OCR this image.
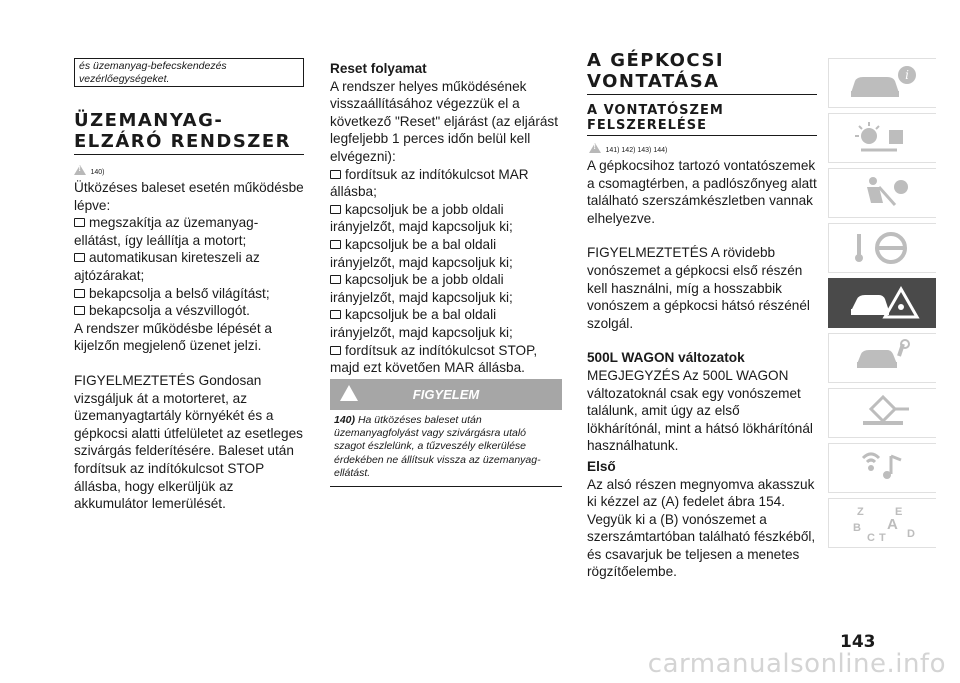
és üzemanyag-befecskendezés vezérlőegységeket.

ÜZEMANYAG-

ELZÁRÓ RENDSZER

! 140)

Ütközéses baleset esetén működésbe lépve:

megszakítja az üzemanyag-ellátást, így leállítja a motort;

automatikusan kireteszeli az ajtózárakat;

bekapcsolja a belső világítást;

bekapcsolja a vészvillogót.

A rendszer működésbe lépését a kijelzőn megjelenő üzenet jelzi.

FIGYELMEZTETÉS Gondosan vizsgáljuk át a motorteret, az üzemanyagtartály környékét és a gépkocsi alatti útfelületet az esetleges szivárgás felderítésére. Baleset után fordítsuk az indítókulcsot STOP állásba, hogy elkerüljük az akkumulátor lemerülését.

Reset folyamat

A rendszer helyes működésének visszaállításához végezzük el a következő "Reset" eljárást (az eljárást legfeljebb 1 perces időn belül kell elvégezni):

fordítsuk az indítókulcsot MAR állásba;

kapcsoljuk be a jobb oldali irányjelzőt, majd kapcsoljuk ki;

kapcsoljuk be a bal oldali irányjelzőt, majd kapcsoljuk ki;

kapcsoljuk be a jobb oldali irányjelzőt, majd kapcsoljuk ki;

kapcsoljuk be a bal oldali irányjelzőt, majd kapcsoljuk ki;

fordítsuk az indítókulcsot STOP, majd ezt követően MAR állásba.

FIGYELEM

140) Ha ütközéses baleset után üzemanyagfolyást vagy szivárgásra utaló szagot észlelünk, a tűzveszély elkerülése érdekében ne állítsuk vissza az üzemanyag-ellátást.

A GÉPKOCSI

VONTATÁSA

A VONTATÓSZEM

FELSZERELÉSE

! 141) 142) 143) 144)

A gépkocsihoz tartozó vontatószemek a csomagtérben, a padlószőnyeg alatt található szerszámkészletben vannak elhelyezve.

FIGYELMEZTETÉS A rövidebb vonószemet a gépkocsi első részén kell használni, míg a hosszabbik vonószem a gépkocsi hátsó részénél szolgál.

500L WAGON változatok

MEGJEGYZÉS Az 500L WAGON változatoknál csak egy vonószemet találunk, amit úgy az első lökhárítónál, mint a hátsó lökhárítónál használhatunk.

Első

Az alsó részen megnyomva akasszuk ki kézzel az (A) fedelet ábra 154. Vegyük ki a (B) vonószemet a szerszámtartóban található fészkéből, és csavarjuk be teljesen a menetes rögzítőelembe.

i
Z	E
B A
C T D
143
carmanualsonline.info
